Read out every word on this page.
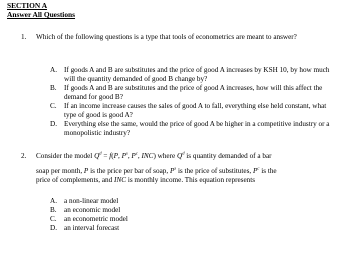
SECTION A
Answer All Questions
1. Which of the following questions is a type that tools of econometrics are meant to answer?
A. If goods A and B are substitutes and the price of good A increases by KSH 10, by how much will the quantity demanded of good B change by?
B. If goods A and B are substitutes and the price of good A increases, how will this affect the demand for good B?
C. If an income increase causes the sales of good A to fall, everything else held constant, what type of good is good A?
D. Everything else the same, would the price of good A be higher in a competitive industry or a monopolistic industry?
2. Consider the model $Q^d = f(P$, $P^s$, $P^c$, INC) where $Q^d$ is quantity demanded of a bar
soap per month, P is the price per bar of soap, $P^s$ is the price of substitutes, $P^c$ is the
price of complements, and INC is monthly income. This equation represents
A. a non-linear model
B. an economic model
C. an econometric model
D. an interval forecast
